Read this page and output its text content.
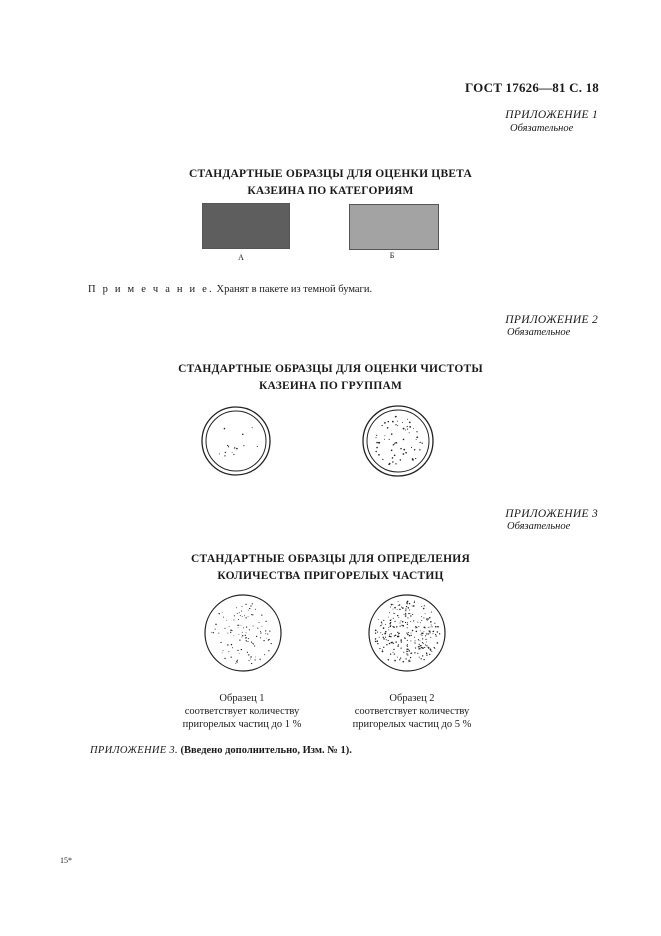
ГОСТ 17626—81 С. 18
ПРИЛОЖЕНИЕ 1
Обязательное
СТАНДАРТНЫЕ ОБРАЗЦЫ ДЛЯ ОЦЕНКИ ЦВЕТА
КАЗЕИНА ПО КАТЕГОРИЯМ
А	Б
П р и м е ч а н и е. Хранят в пакете из темной бумаги.
ПРИЛОЖЕНИЕ 2
Обязательное
СТАНДАРТНЫЕ ОБРАЗЦЫ ДЛЯ ОЦЕНКИ ЧИСТОТЫ
КАЗЕИНА ПО ГРУППАМ
ПРИЛОЖЕНИЕ 3
Обязательное
СТАНДАРТНЫЕ ОБРАЗЦЫ ДЛЯ ОПРЕДЕЛЕНИЯ
КОЛИЧЕСТВА ПРИГОРЕЛЫХ ЧАСТИЦ
Образец 1
соответствует количеству
пригорелых частиц до 1 %
Образец 2
соответствует количеству
пригорелых частиц до 5 %
ПРИЛОЖЕНИЕ 3. (Введено дополнительно, Изм. № 1).
15*
